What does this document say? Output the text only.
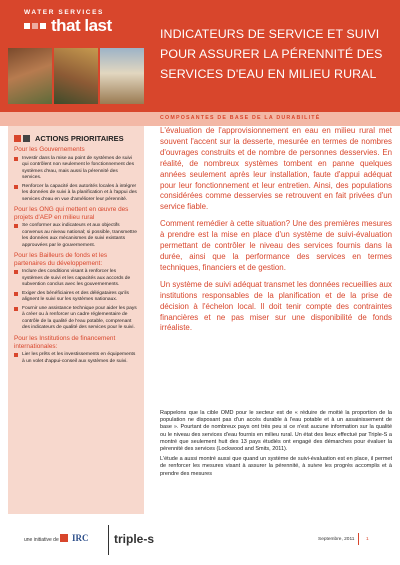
WATER SERVICES
that last	INDICATEURS DE SERVICE ET SUIVI POUR ASSURER LA PÉRENNITÉ DES SERVICES D'EAU EN MILIEU RURAL
COMPOSANTES DE BASE DE LA DURABILITÉ
ACTIONS PRIORITAIRES
Pour les Gouvernements
Investir dans la mise au point de systèmes de suivi qui contrôlent non seulement le fonctionnement des systèmes d'eau, mais aussi la pérennité des services.
Renforcer la capacité des autorités locales à intégrer les données de suivi à la planification et à l'appui des services d'eau en vue d'améliorer leur pérennité.
Pour les ONG qui mettent en œuvre des projets d'AEP en milieu rural
Se conformer aux indicateurs et aux objectifs convenus au niveau national; si possible, transmettre les données aux mécanismes de suivi existants approuvées par le gouvernement.
Pour les Bailleurs de fonds et les partenaires du développement:
Inclure des conditions visant à renforcer les systèmes de suivi et les capacités aux accords de subvention conclus avec les gouvernements.
Exiger des bénéficiaires et des délégataires qu'ils alignent le suivi sur les systèmes nationaux.
Fournir une assistance technique pour aider les pays à créer ou à renforcer un cadre réglementaire de contrôle de la qualité de l'eau potable, comprenant des indicateurs de qualité des services pour le suivi.
Pour les Institutions de financement internationales:
Lier les prêts et les investissements en équipements à un volet d'appui-conseil aux systèmes de suivi.

L'évaluation de l'approvisionnement en eau en milieu rural met souvent l'accent sur la desserte, mesurée en termes de nombres d'ouvrages construits et de nombre de personnes desservies. En réalité, de nombreux systèmes tombent en panne quelques années seulement après leur installation, faute d'appui adéquat pour leur fonctionnement et leur entretien. Ainsi, des populations considérées comme desservies se retrouvent en fait privées d'un service fiable.

Comment remédier à cette situation? Une des premières mesures à prendre est la mise en place d'un système de suivi-évaluation permettant de contrôler le niveau des services fournis dans la durée, ainsi que la performance des services en termes techniques, financiers et de gestion.

Un système de suivi adéquat transmet les données recueillies aux institutions responsables de la planification et de la prise de décision à l'échelon local. Il doit tenir compte des contraintes financières et ne pas miser sur une disponibilité de fonds irréaliste.

Rappelons que la cible OMD pour le secteur est de « réduire de moitié la proportion de la population ne disposant pas d'un accès durable à l'eau potable et à un assainissement de base ». Pourtant de nombreux pays ont très peu si ce n'est aucune information sur la qualité ou le niveau des services d'eau fournis en milieu rural. Un état des lieux effectué par Triple-S a montré que seulement huit des 13 pays étudiés ont engagé des démarches pour évaluer la pérennité des services (Lockwood and Smits, 2011).

L'étude a aussi montré aussi que quand un système de suivi-évaluation est en place, il permet de renforcer les mesures visant à assurer la pérennité, à suivre les progrès accomplis et à prendre des mesures

une initiative de IRC triple-s	Septembre, 2011 1
